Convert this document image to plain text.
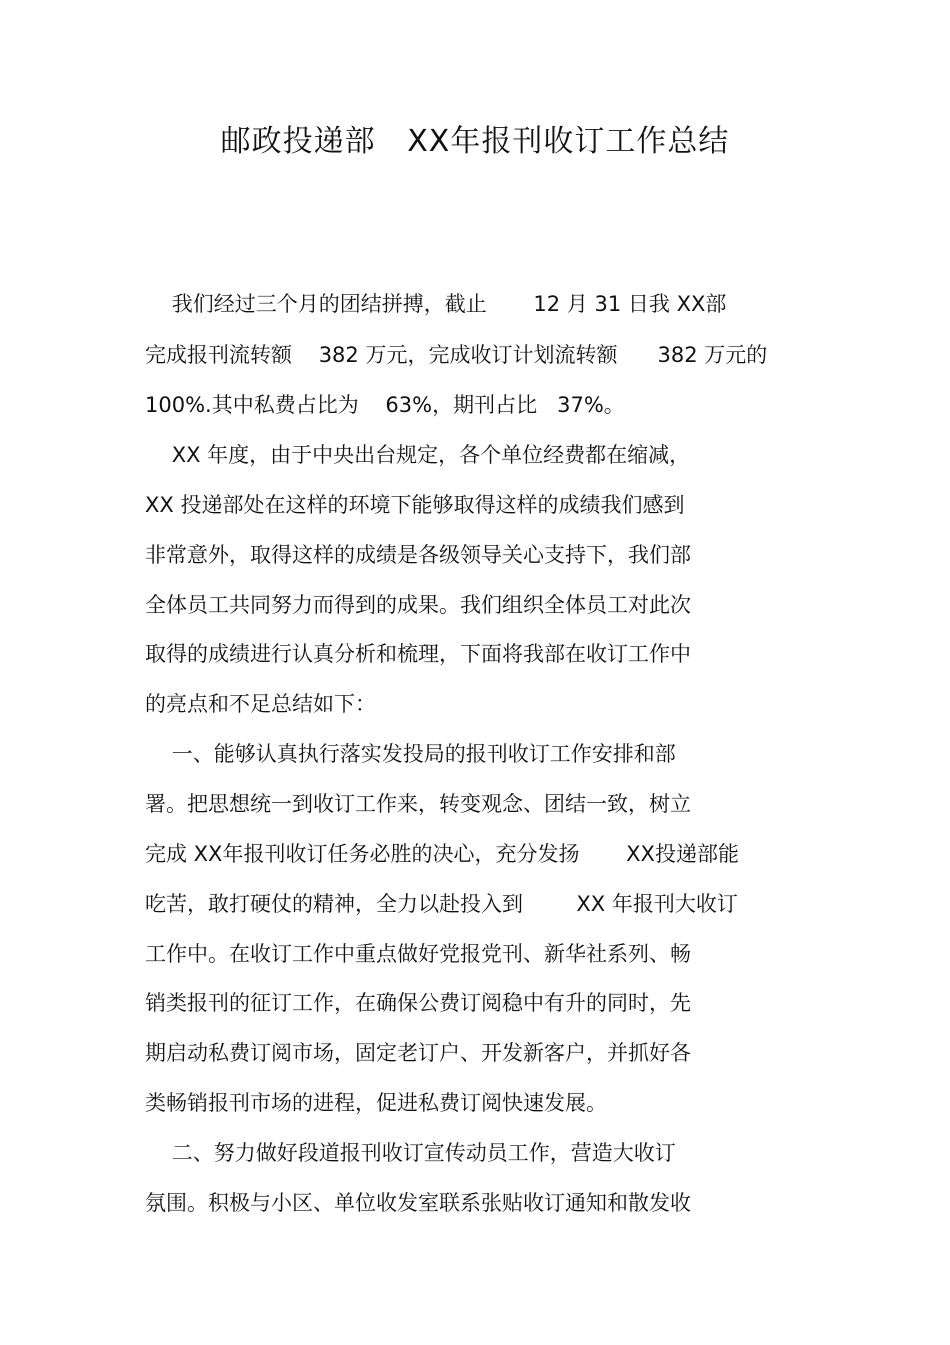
邮政投递部   XX年报刊收订工作总结
我们经过三个月的团结拼搏，截止       12 月 31 日我 XX部
完成报刊流转额    382 万元，完成收订计划流转额      382 万元的
100%.其中私费占比为    63%，期刊占比   37%。
XX 年度，由于中央出台规定，各个单位经费都在缩减，
XX 投递部处在这样的环境下能够取得这样的成绩我们感到
非常意外，取得这样的成绩是各级领导关心支持下，我们部
全体员工共同努力而得到的成果。我们组织全体员工对此次
取得的成绩进行认真分析和梳理，下面将我部在收订工作中
的亮点和不足总结如下：
一、能够认真执行落实发投局的报刊收订工作安排和部
署。把思想统一到收订工作来，转变观念、团结一致，树立
完成 XX年报刊收订任务必胜的决心，充分发扬       XX投递部能
吃苦，敢打硬仗的精神，全力以赴投入到        XX 年报刊大收订
工作中。在收订工作中重点做好党报党刊、新华社系列、畅
销类报刊的征订工作，在确保公费订阅稳中有升的同时，先
期启动私费订阅市场，固定老订户、开发新客户，并抓好各
类畅销报刊市场的进程，促进私费订阅快速发展。
二、努力做好段道报刊收订宣传动员工作，营造大收订
氛围。积极与小区、单位收发室联系张贴收订通知和散发收
